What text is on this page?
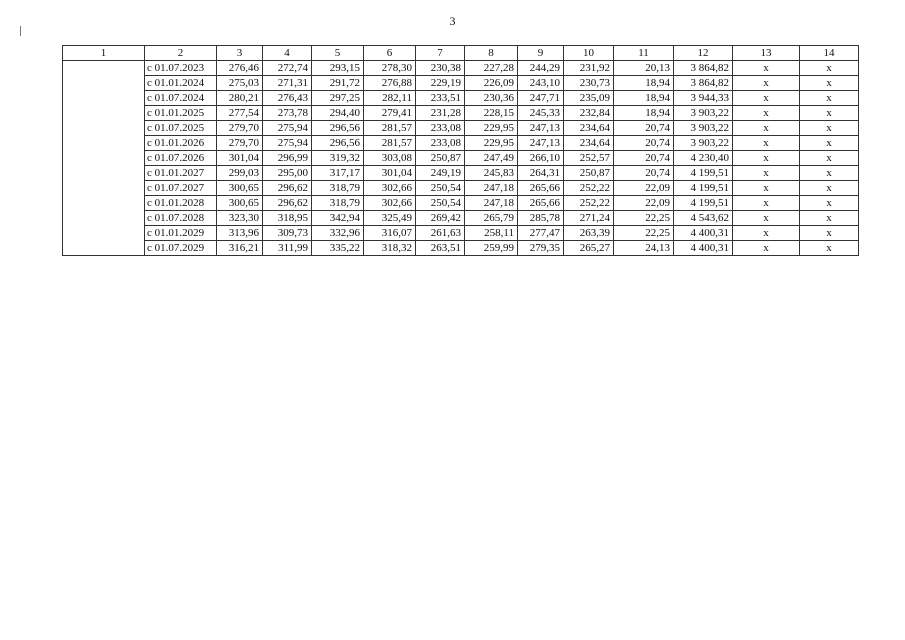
3
1	2	3	4	5	6	7	8	9	10	11	12	13	14
	с 01.07.2023	276,46	272,74	293,15	278,30	230,38	227,28	244,29	231,92	20,13	3 864,82	х	х
	с 01.01.2024	275,03	271,31	291,72	276,88	229,19	226,09	243,10	230,73	18,94	3 864,82	х	х
	с 01.07.2024	280,21	276,43	297,25	282,11	233,51	230,36	247,71	235,09	18,94	3 944,33	х	х
	с 01.01.2025	277,54	273,78	294,40	279,41	231,28	228,15	245,33	232,84	18,94	3 903,22	х	х
	с 01.07.2025	279,70	275,94	296,56	281,57	233,08	229,95	247,13	234,64	20,74	3 903,22	х	х
	с 01.01.2026	279,70	275,94	296,56	281,57	233,08	229,95	247,13	234,64	20,74	3 903,22	х	х
	с 01.07.2026	301,04	296,99	319,32	303,08	250,87	247,49	266,10	252,57	20,74	4 230,40	х	х
	с 01.01.2027	299,03	295,00	317,17	301,04	249,19	245,83	264,31	250,87	20,74	4 199,51	х	х
	с 01.07.2027	300,65	296,62	318,79	302,66	250,54	247,18	265,66	252,22	22,09	4 199,51	х	х
	с 01.01.2028	300,65	296,62	318,79	302,66	250,54	247,18	265,66	252,22	22,09	4 199,51	х	х
	с 01.07.2028	323,30	318,95	342,94	325,49	269,42	265,79	285,78	271,24	22,25	4 543,62	х	х
	с 01.01.2029	313,96	309,73	332,96	316,07	261,63	258,11	277,47	263,39	22,25	4 400,31	х	х
	с 01.07.2029	316,21	311,99	335,22	318,32	263,51	259,99	279,35	265,27	24,13	4 400,31	х	х
